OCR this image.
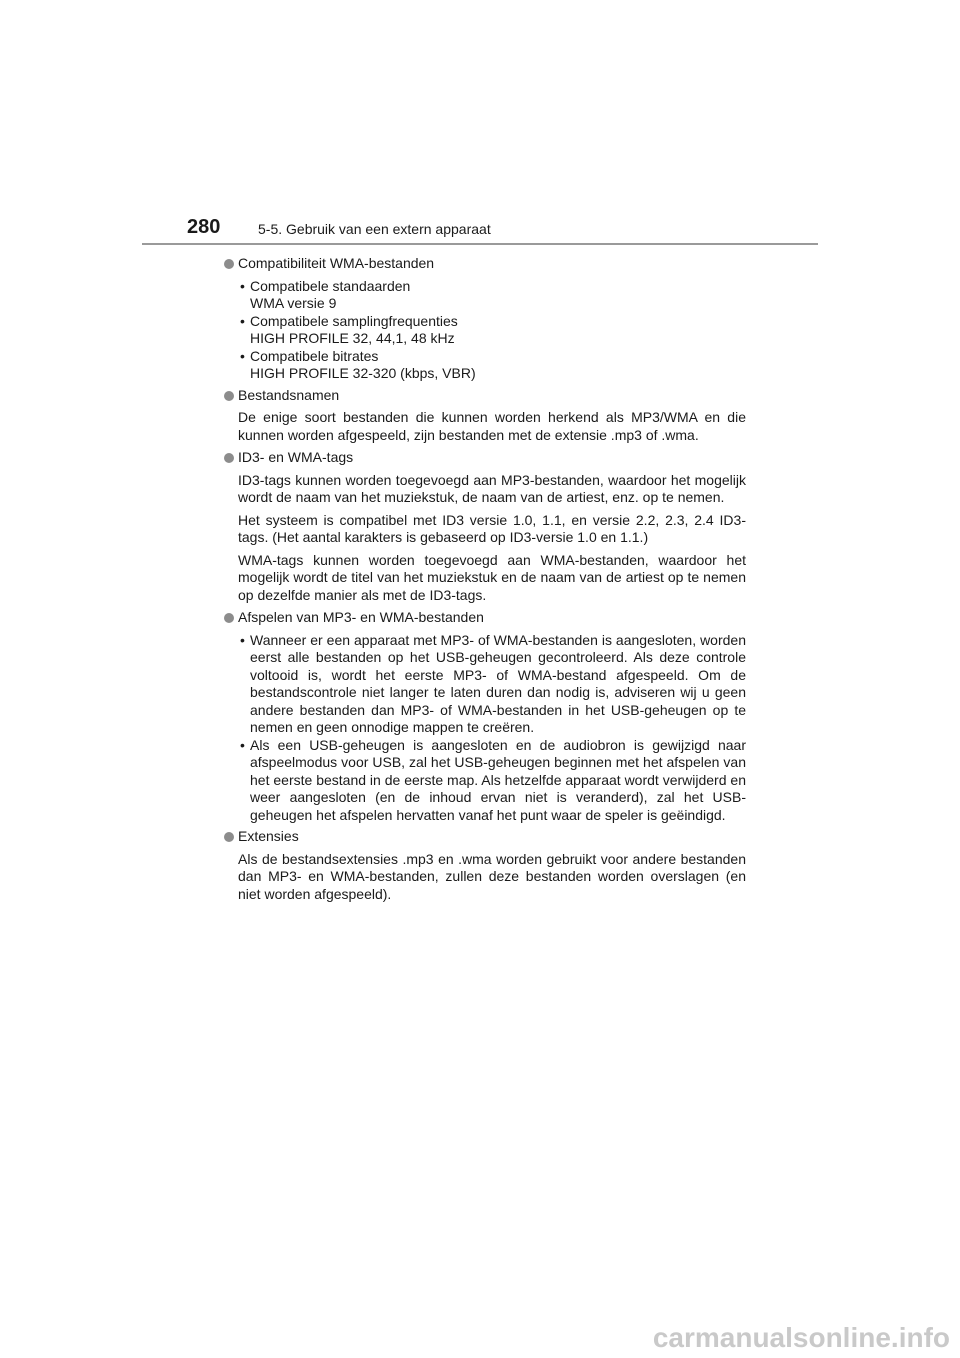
280	5-5. Gebruik van een extern apparaat
Compatibiliteit WMA-bestanden
• Compatibele standaarden
WMA versie 9
• Compatibele samplingfrequenties
HIGH PROFILE 32, 44,1, 48 kHz
• Compatibele bitrates
HIGH PROFILE 32-320 (kbps, VBR)
Bestandsnamen
De enige soort bestanden die kunnen worden herkend als MP3/WMA en die kunnen worden afgespeeld, zijn bestanden met de extensie .mp3 of .wma.
ID3- en WMA-tags
ID3-tags kunnen worden toegevoegd aan MP3-bestanden, waardoor het mogelijk wordt de naam van het muziekstuk, de naam van de artiest, enz. op te nemen.
Het systeem is compatibel met ID3 versie 1.0, 1.1, en versie 2.2, 2.3, 2.4 ID3-tags. (Het aantal karakters is gebaseerd op ID3-versie 1.0 en 1.1.)
WMA-tags kunnen worden toegevoegd aan WMA-bestanden, waardoor het mogelijk wordt de titel van het muziekstuk en de naam van de artiest op te nemen op dezelfde manier als met de ID3-tags.
Afspelen van MP3- en WMA-bestanden
• Wanneer er een apparaat met MP3- of WMA-bestanden is aangesloten, worden eerst alle bestanden op het USB-geheugen gecontroleerd. Als deze controle voltooid is, wordt het eerste MP3- of WMA-bestand afgespeeld. Om de bestandscontrole niet langer te laten duren dan nodig is, adviseren wij u geen andere bestanden dan MP3- of WMA-bestanden in het USB-geheugen op te nemen en geen onnodige mappen te creëren.
• Als een USB-geheugen is aangesloten en de audiobron is gewijzigd naar afspeelmodus voor USB, zal het USB-geheugen beginnen met het afspelen van het eerste bestand in de eerste map. Als hetzelfde apparaat wordt verwijderd en weer aangesloten (en de inhoud ervan niet is veranderd), zal het USB-geheugen het afspelen hervatten vanaf het punt waar de speler is geëindigd.
Extensies
Als de bestandsextensies .mp3 en .wma worden gebruikt voor andere bestanden dan MP3- en WMA-bestanden, zullen deze bestanden worden overslagen (en niet worden afgespeeld).
carmanualsonline.info
